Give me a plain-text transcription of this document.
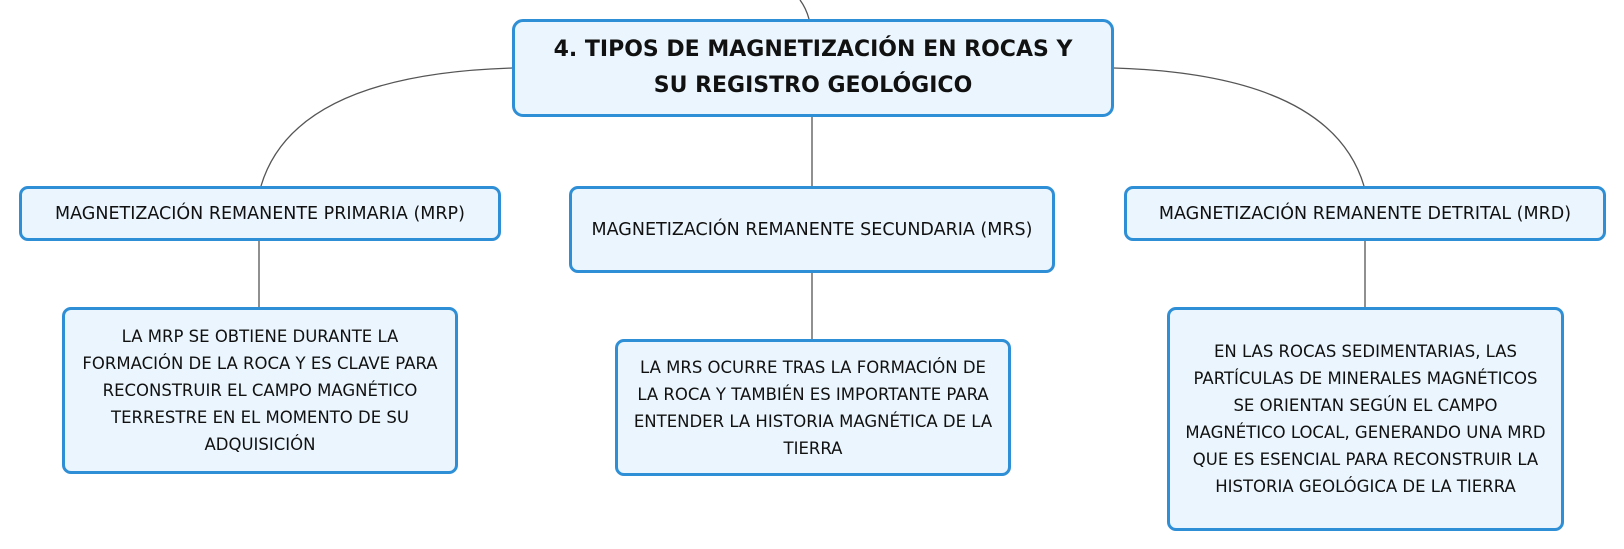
4. TIPOS DE MAGNETIZACIÓN EN ROCAS Y SU REGISTRO GEOLÓGICO
MAGNETIZACIÓN REMANENTE PRIMARIA (MRP)
MAGNETIZACIÓN REMANENTE SECUNDARIA (MRS)
MAGNETIZACIÓN REMANENTE DETRITAL (MRD)
LA MRP SE OBTIENE DURANTE LA FORMACIÓN DE LA ROCA Y ES CLAVE PARA RECONSTRUIR EL CAMPO MAGNÉTICO TERRESTRE EN EL MOMENTO DE SU ADQUISICIÓN
LA MRS OCURRE TRAS LA FORMACIÓN DE LA ROCA Y TAMBIÉN ES IMPORTANTE PARA ENTENDER LA HISTORIA MAGNÉTICA DE LA TIERRA
EN LAS ROCAS SEDIMENTARIAS, LAS PARTÍCULAS DE MINERALES MAGNÉTICOS SE ORIENTAN SEGÚN EL CAMPO MAGNÉTICO LOCAL, GENERANDO UNA MRD QUE ES ESENCIAL PARA RECONSTRUIR LA HISTORIA GEOLÓGICA DE LA TIERRA
